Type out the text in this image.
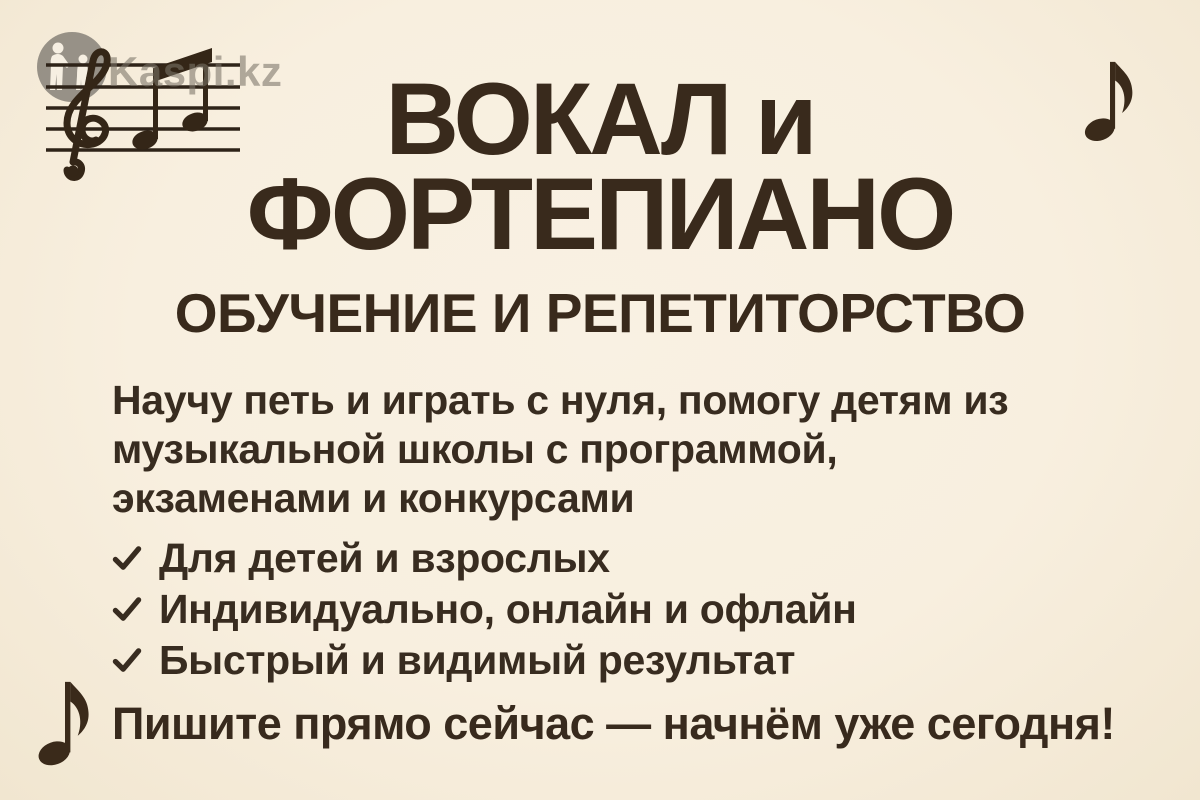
Kaspi.kz	ВОКАЛ и
ФОРТЕПИАНО
ОБУЧЕНИЕ И РЕПЕТИТОРСТВО
Научу петь и играть с нуля, помогу детям из
музыкальной школы с программой,
экзаменами и конкурсами
Для детей и взрослых
Индивидуально, онлайн и офлайн
Быстрый и видимый результат
Пишите прямо сейчас — начнём уже сегодня!
